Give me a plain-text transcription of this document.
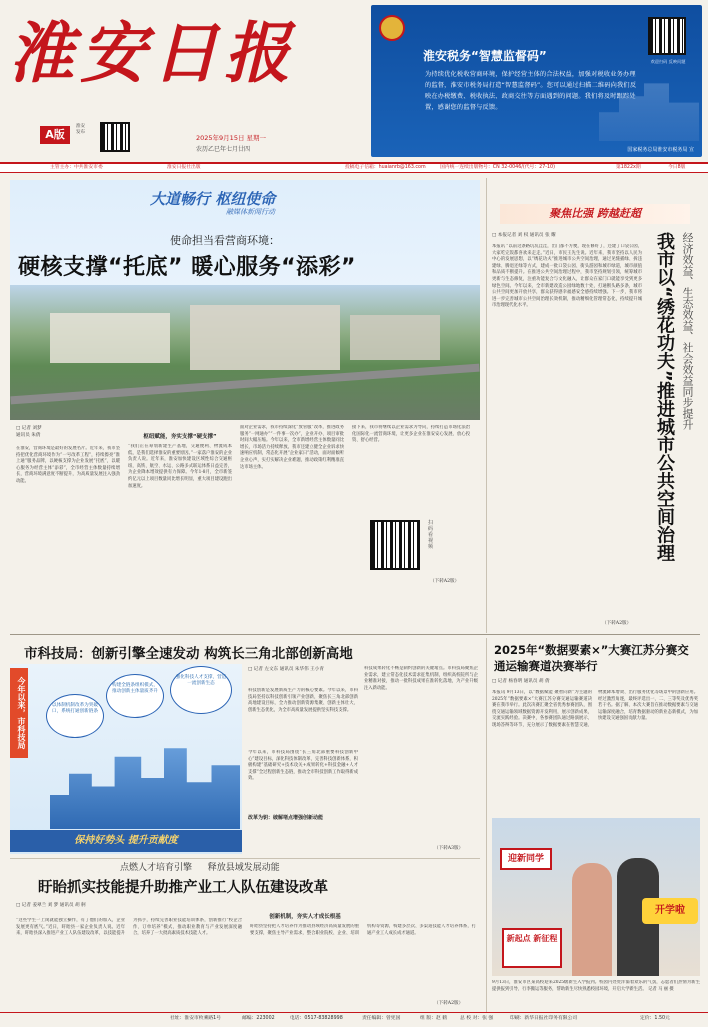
淮安日报
A版
淮安发布
2025年9月15日 星期一
农历乙巳年七月廿四
淮安税务“智慧监督码”
为持续优化税收营商环境，保护经营主体的合法权益，加强对税收业务办理的监督，淮安市税务局打造“智慧监督码”。您可以通过扫描二维码向我们反映在办税缴费、税收执法、政商交往等方面遇到的问题。我们将及时跟踪处置，感谢您的监督与反馈。
欢迎扫码 反映问题
国家税务总局淮安市税务局 宣
主管主办：中共淮安市委	淮安日报社出版	投稿电子信箱：huaianrb@163.com	国内统一连续出版物号：CN 32-0046/(代号：27-10)	第1822x期	今日8版
大道畅行 枢纽使命
融媒体新闻行动
使命担当看营商环境：
硬核支撑“托底” 暖心服务“添彩”
□ 记者 刘梦
通讯员 朱倩
在淮安，营商环境是最好的发展名片。近年来，我市坚持把优化营商环境作为“一号改革工程”，持续擦亮“淮上通”服务品牌，以硬核支撑为企业发展“托底”，以暖心服务为经营主体“添彩”，全市经营主体数量持续增长，营商环境满意度不断提升，为高质量发展注入强劲动能。
枢纽赋能，夯实支撑“硬支撑”
“我们正在筹划新建生产基地，交通便利、物流成本低，是我们选择淮安的重要原因。”一家落户淮安的企业负责人说。近年来，淮安加快建设区域性综合交通枢纽，高铁、航空、水运、公路多式联运体系日益完善，为企业降本增效提供有力保障。今年1-8月，全市新签约亿元以上项目数量同比增长明显，重大项目建设跑出加速度。
面对企业需求，我市持续深化“放管服”改革，推进政务服务“一网通办”“一件事一次办”，企业开办、项目审批时间大幅压缩。今年以来，全市新增经营主体数量同比增长，市场活力持续释放。我市还建立健全企业诉求快速响应机制，常态化开展“企业家日”活动，面对面倾听企业心声，实打实解决企业难题，推动政策红利精准直达市场主体。
接下来，我市将继续以企业需求为导向，持续打造市场化法治化国际化一流营商环境，让更多企业在淮安安心发展、放心投资、舒心经营。
扫码看视频
（下转A2版）
聚焦比强 跨越赶超
我市以“绣花功夫”推进城市公共空间治理 经济效益、生态效益、社会效益同步提升
□ 本报记者 刘 权 通讯员 张 耀
本报讯 “以前这条路坑坑洼洼，出门都不方便，现在修好了，还建了口袋公园，大家吃完饭都喜欢来走走。”近日，市民王先生说。近年来，我市坚持以人民为中心的发展思想，以“绣花功夫”推进城市公共空间治理，通过见缝插绿、拆违建绿、腾退还绿等方式，建成一批口袋公园、街头游园和城市绿道，城市颜值和品质不断提升。在推进公共空间治理过程中，我市坚持规划引领，统筹城市更新与生态修复，注重功能复合与文化融入，让群众在家门口就能享受到更多绿色空间。今年以来，全市新建改造公园绿地数十处，打通断头路多条，城市公共空间更加开放共享，群众获得感幸福感安全感持续增强。下一步，我市将进一步完善城市公共空间治理长效机制，推动精细化管理常态化，持续提升城市治理现代化水平。
（下转A2版）
市科技局：创新引擎全速发动 构筑长三角北部创新高地
今年以来，市科技局	以体制机制改革为突破口，系统打通创新链条
构建全链条组织模式，推动创新主体量质齐升
强化科技人才支撑，营造一流创新生态
保持好势头 提升贡献度
□ 记者 左文东 通讯员 朱华伟 王小青
科技创新是发展新质生产力的核心要素。今年以来，市科技局坚持以科技创新引领产业创新，聚焦长三角北部创新高地建设目标，全力推动创新资源集聚、创新主体壮大、创新生态优化，为全市高质量发展提供坚实科技支撑。
今年以来，市科技局围绕“长三角北部重要科技创新中心”建设目标，深化科技体制改革，完善科技创新体系，积极构建“基础研究+技术攻关+成果转化+科技金融+人才支撑”全过程创新生态链，推动全市科技创新工作取得新成效。
改革为钥：破解堵点增强创新动能
科技成果转化不畅是制约创新的关键堵点。市科技局聚焦企业需求，建立常态化技术需求征集机制，组织高校院所与企业精准对接，推动一批科技成果在淮转化落地，为产业升级注入新动能。
（下转A3版）
2025年“数据要素×”大赛江苏分赛交通运输赛道决赛举行
□ 记者 杨春明 通讯员 胡 倩
本报讯 9月13日，以“数据赋能 聚智向新”为主题的2025年“数据要素×”大赛江苏分赛交通运输赛道决赛在我市举行。此次决赛汇聚全省优秀参赛团队，围绕交通运输领域数据资源开发利用，展示创新成果，交流实践经验。决赛中，各参赛团队通过路演展示、现场答辩等环节，充分展示了数据要素在智慧交通、物流降本增效、出行服务优化等场景中的创新应用。经过激烈角逐，最终评选出一、二、三等奖及优秀奖若干名。据了解，本次大赛旨在推动数据要素与交通运输深度融合，培育数据驱动的新业态新模式，为加快建设交通强国贡献力量。
迎新同学
新起点 新征程
开学啦
9月13日，淮安市区某高校迎来2025级新生入学报到。校园内处处洋溢着欢乐的气氛，志愿者们热情为新生提供报到引导、行李搬运等服务，帮助新生尽快熟悉校园环境，开启大学新生活。 记者 马 丽 摄
点燃人才培育引擎 释放县域发展动能
盱眙抓实技能提升助推产业工人队伍建设改革
□ 记者 姜翠兰 刘 梦 通讯员 胡 舸
“这些学生一上岗就能独立操作，有了他们的加入，企业发展更有底气。”近日，盱眙县一家企业负责人说。近年来，盱眙县深入推进产业工人队伍建设改革，以技能提升为抓手，持续完善职业技能培训体系，创新推行“校企合作、订单培养”模式，推动职业教育与产业发展深度融合，培养了一大批高素质技术技能人才。
创新机制，夯实人才成长根基
盱眙县坚持把人才培养作为推动县域经济高质量发展的重要支撑，聚焦主导产业需求，整合职业院校、企业、培训机构等资源，构建多层次、多渠道技能人才培养体系，打通产业工人成长成才通道。
（下转A2版）
社址：淮安市枚乘路1号	邮编：223002	电话：0517-83828998	责任编辑：曾宪国	组 版：赵 鹤	总 校 对：张 强	印刷：新华日报社印务有限公司	定价：1.50元
